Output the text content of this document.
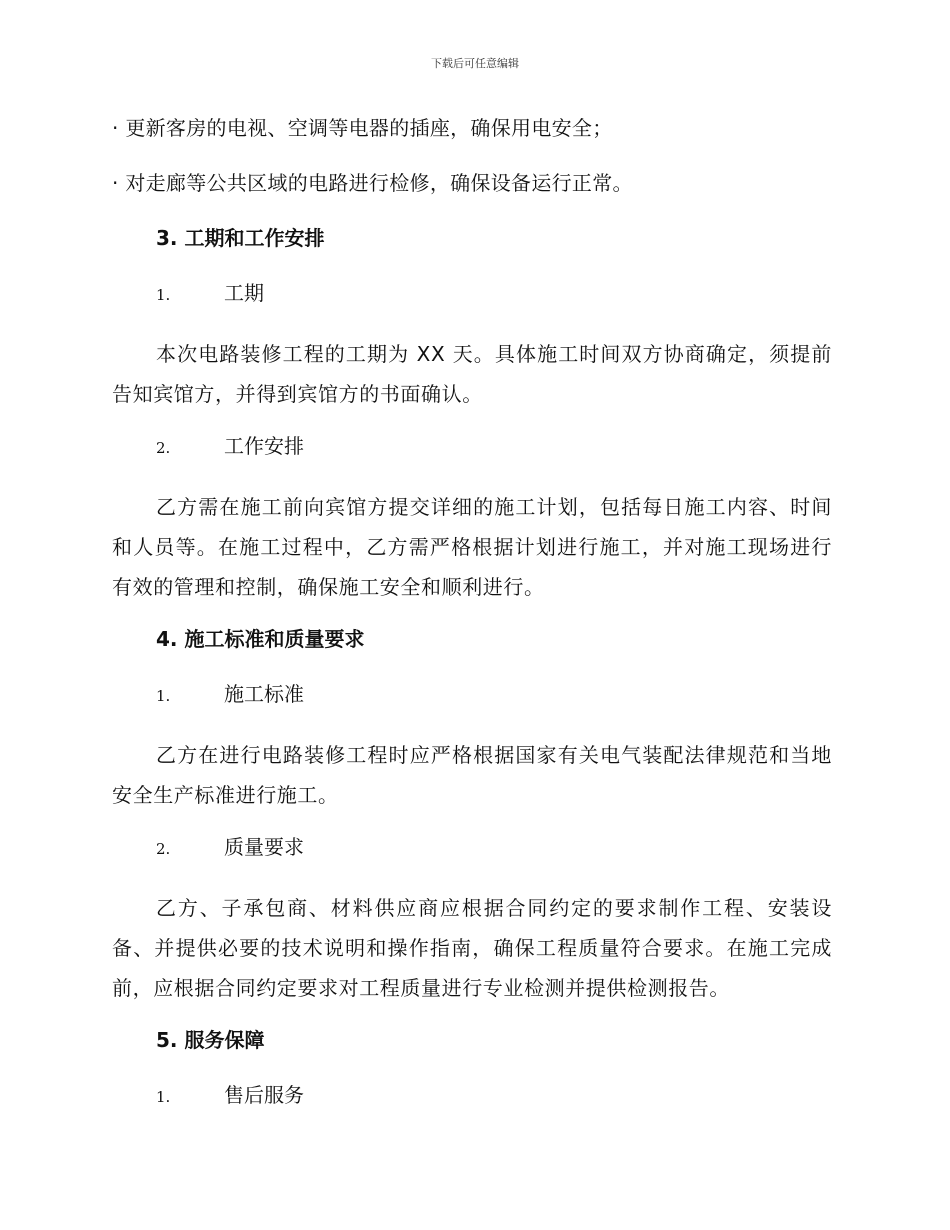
下载后可任意编辑

· 更新客房的电视、空调等电器的插座，确保用电安全；

· 对走廊等公共区域的电路进行检修，确保设备运行正常。

3. 工期和工作安排
1.	工期

本次电路装修工程的工期为 XX 天。具体施工时间双方协商确定，须提前告知宾馆方，并得到宾馆方的书面确认。

2.	工作安排

乙方需在施工前向宾馆方提交详细的施工计划，包括每日施工内容、时间和人员等。在施工过程中，乙方需严格根据计划进行施工，并对施工现场进行有效的管理和控制，确保施工安全和顺利进行。

4. 施工标准和质量要求
1.	施工标准

乙方在进行电路装修工程时应严格根据国家有关电气装配法律规范和当地安全生产标准进行施工。

2.	质量要求

乙方、子承包商、材料供应商应根据合同约定的要求制作工程、安装设备、并提供必要的技术说明和操作指南，确保工程质量符合要求。在施工完成前，应根据合同约定要求对工程质量进行专业检测并提供检测报告。

5. 服务保障
1.	售后服务
